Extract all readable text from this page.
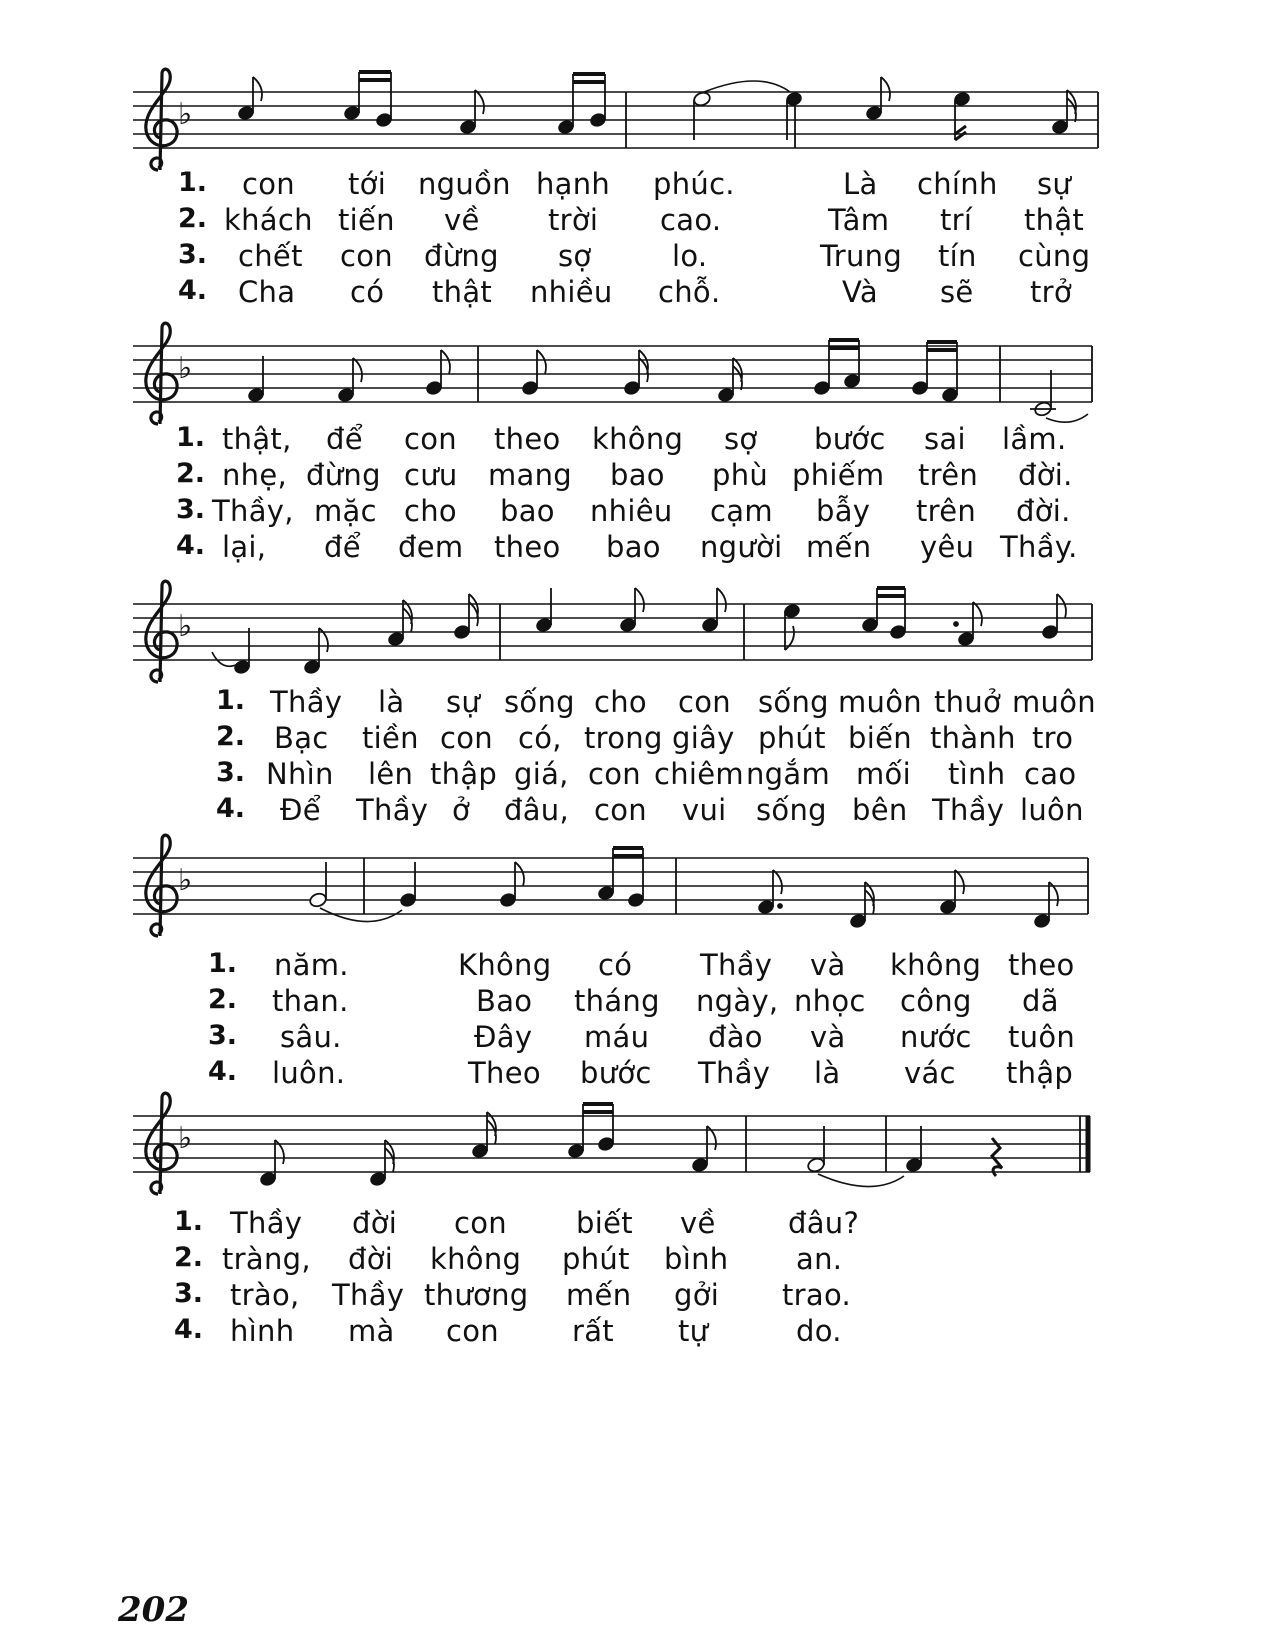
♭
1. con tới nguồn hạnh phúc.	Là chính sự
2. khách tiến về trời cao.	Tâm trí thật
3. chết con đừng sợ	lo.	Trung tín cùng
4. Cha có thật nhiều chỗ.	Và sẽ trở
♭
1. thật, để con theo không sợ bước sai lầm.
2. nhẹ, đừng cưu mang bao phù phiếm trên đời.
3. Thầy, mặc cho bao nhiêu cạm bẫy trên đời.
4. lại, để đem theo bao người mến yêu Thầy.
♭
1. Thầy là sự sống cho con sống muôn thuở muôn
2. Bạc tiền con có, trong giây phút biến thành tro
3. Nhìn lên thập giá, con chiêm ngắm mối tình cao
4. Để Thầy ở đâu, con vui sống bên Thầy luôn
♭
1. năm.	Không có Thầy và không theo
2. than.	Bao tháng ngày, nhọc công dã
3. sâu.	Đây máu đào và nước tuôn
4. luôn.	Theo bước Thầy là vác thập
♭
1. Thầy đời con biết về đâu?
2. tràng, đời không phút bình an.
3. trào, Thầy thương mến gởi trao.
4. hình mà con	rất tự	do.
202
